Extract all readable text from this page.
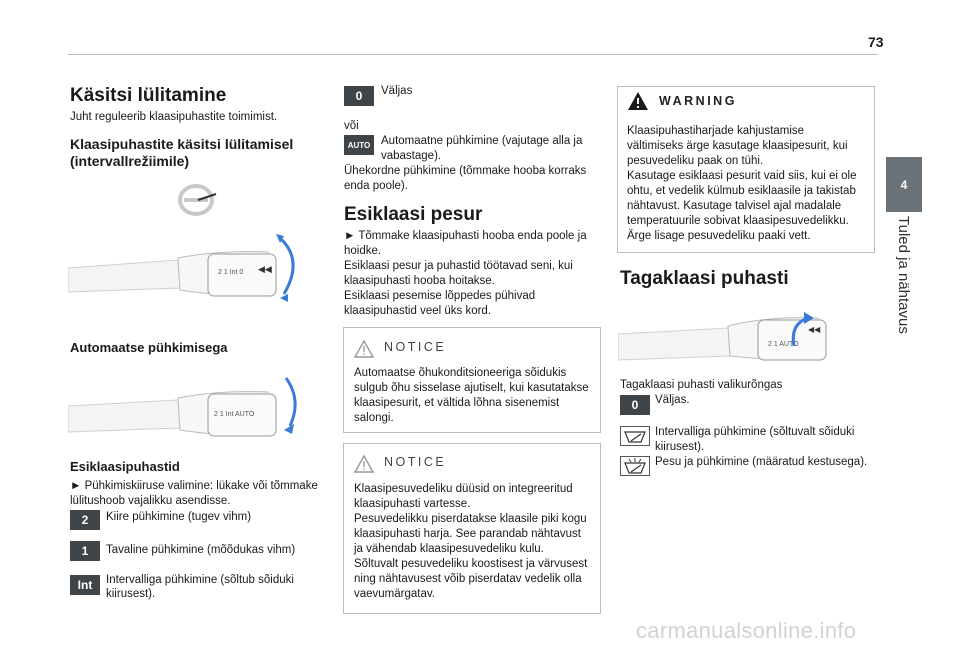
73
4
Tuled ja nähtavus
Käsitsi lülitamine
Juht reguleerib klaasipuhastite toimimist.
Klaasipuhastite käsitsi lülitamisel
(intervallrežiimile)
2 1 Int 0 ◀◀
Automaatse pühkimisega
2 1 Int AUTO
Esiklaasipuhastid
► Pühkimiskiiruse valimine: lükake või tõmmake
lülitushoob vajalikku asendisse.
2	Kiire pühkimine (tugev vihm)
1	Tavaline pühkimine (mõõdukas vihm)
Int	Intervalliga pühkimine (sõltub sõiduki
kiirusest).
0	Väljas
või
AUTO Automaatne pühkimine (vajutage alla ja
vabastage).
Ühekordne pühkimine (tõmmake hooba korraks
enda poole).
Esiklaasi pesur
► Tõmmake klaasipuhasti hooba enda poole ja
hoidke.
Esiklaasi pesur ja puhastid töötavad seni, kui
klaasipuhasti hooba hoitakse.
Esiklaasi pesemise lõppedes pühivad
klaasipuhastid veel üks kord.
NOTICE
Automaatse õhukonditsioneeriga sõidukis
sulgub õhu sisselase ajutiselt, kui kasutatakse
klaasipesurit, et vältida lõhna sisenemist
salongi.
NOTICE
Klaasipesuvedeliku düüsid on integreeritud
klaasipuhasti vartesse.
Pesuvedelikku piserdatakse klaasile piki kogu
klaasipuhasti harja. See parandab nähtavust
ja vähendab klaasipesuvedeliku kulu.
Sõltuvalt pesuvedeliku koostisest ja värvusest
ning nähtavusest võib piserdatav vedelik olla
vaevumärgatav.
WARNING
Klaasipuhastiharjade kahjustamise
vältimiseks ärge kasutage klaasipesurit, kui
pesuvedeliku paak on tühi.
Kasutage esiklaasi pesurit vaid siis, kui ei ole
ohtu, et vedelik külmub esiklaasile ja takistab
nähtavust. Kasutage talvisel ajal madalale
temperatuurile sobivat klaasipesuvedelikku.
Ärge lisage pesuvedeliku paaki vett.
Tagaklaasi puhasti
2 1 AUTO
◀◀
Tagaklaasi puhasti valikurõngas
0	Väljas.
Intervalliga pühkimine (sõltuvalt sõiduki
kiirusest).
Pesu ja pühkimine (määratud kestusega).
carmanualsonline.info
